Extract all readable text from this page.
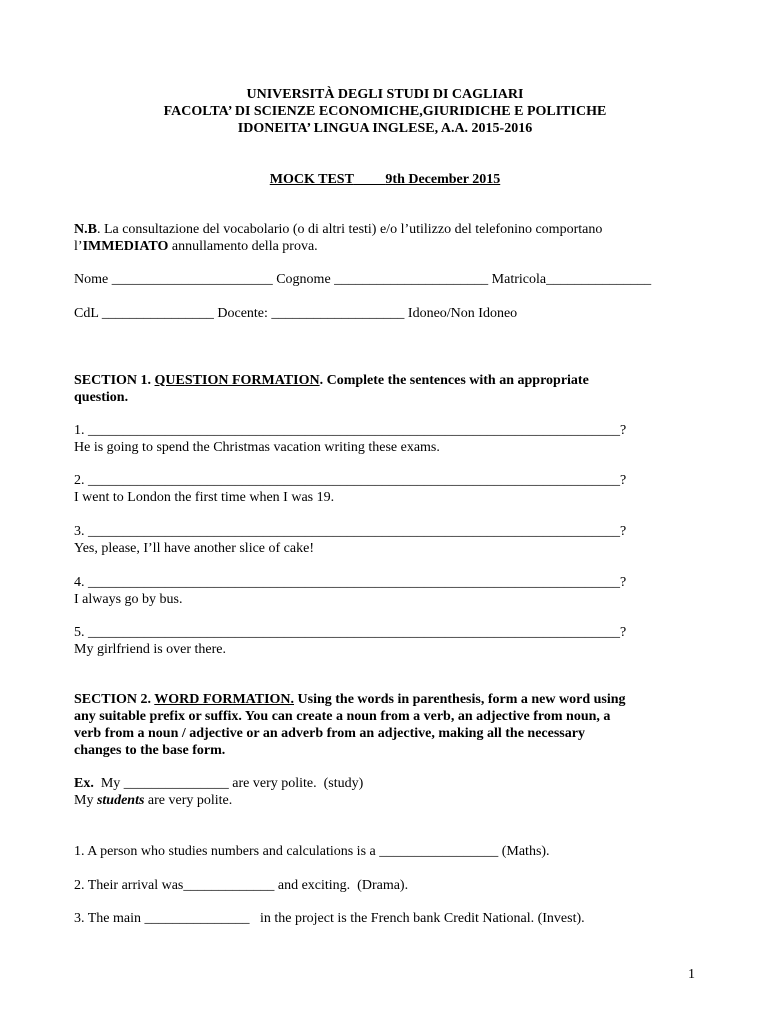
UNIVERSITÀ DEGLI STUDI DI CAGLIARI
FACOLTA’ DI SCIENZE ECONOMICHE,GIURIDICHE E POLITICHE
IDONEITA’ LINGUA INGLESE, A.A. 2015-2016
MOCK TEST 9th December 2015
N.B. La consultazione del vocabolario (o di altri testi) e/o l’utilizzo del telefonino comportano
l’IMMEDIATO annullamento della prova.
Nome _______________________ Cognome ______________________ Matricola_______________
CdL ________________ Docente: ___________________ Idoneo/Non Idoneo
SECTION 1. QUESTION FORMATION. Complete the sentences with an appropriate
question.
1. ____________________________________________________________________________?
He is going to spend the Christmas vacation writing these exams.
2. ____________________________________________________________________________?
I went to London the first time when I was 19.
3. ____________________________________________________________________________?
Yes, please, I’ll have another slice of cake!
4. ____________________________________________________________________________?
I always go by bus.
5. ____________________________________________________________________________?
My girlfriend is over there.
SECTION 2. WORD FORMATION. Using the words in parenthesis, form a new word using
any suitable prefix or suffix. You can create a noun from a verb, an adjective from noun, a
verb from a noun / adjective or an adverb from an adjective, making all the necessary
changes to the base form.
Ex.  My _______________ are very polite.  (study)
My students are very polite.
1. A person who studies numbers and calculations is a _________________ (Maths).
2. Their arrival was_____________ and exciting.  (Drama).
3. The main _______________   in the project is the French bank Credit National. (Invest).
1
